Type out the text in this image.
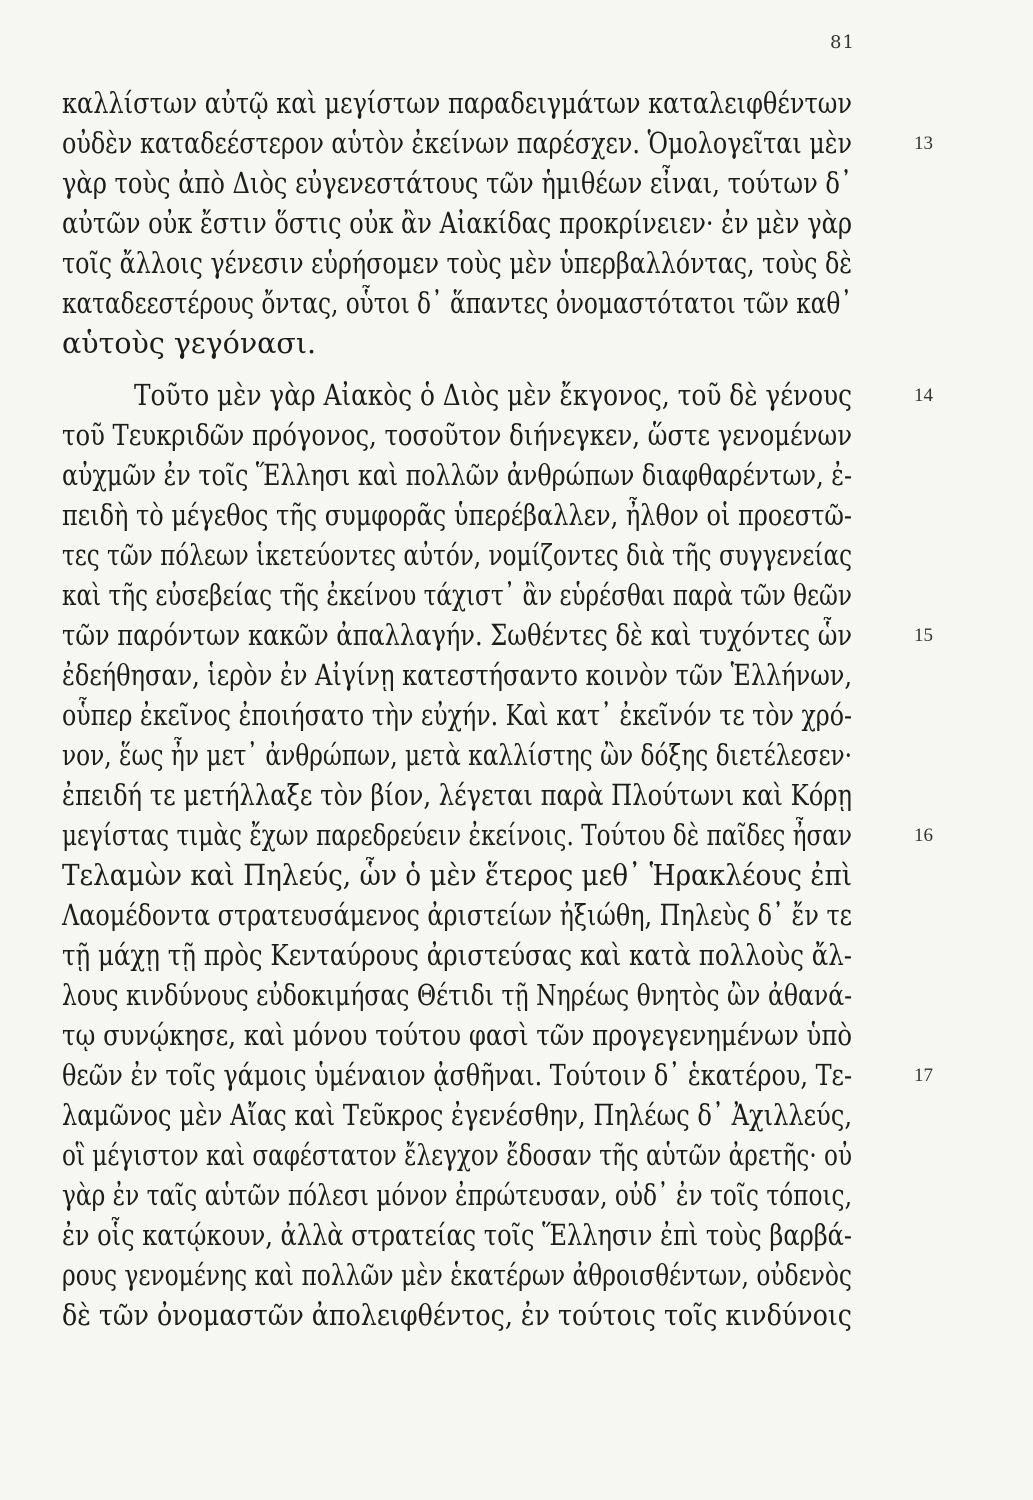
81
καλλίστων αὐτῷ καὶ μεγίστων παραδειγμάτων καταλειφθέντων
οὐδὲν καταδεέστερον αὑτὸν ἐκείνων παρέσχεν. Ὁμολογεῖται μὲν	13
γὰρ τοὺς ἀπὸ Διὸς εὐγενεστάτους τῶν ἡμιθέων εἶναι, τούτων δ᾽
αὐτῶν οὐκ ἔστιν ὅστις οὐκ ἂν Αἰακίδας προκρίνειεν· ἐν μὲν γὰρ
τοῖς ἄλλοις γένεσιν εὑρήσομεν τοὺς μὲν ὑπερβαλλόντας, τοὺς δὲ
καταδεεστέρους ὄντας, οὗτοι δ᾽ ἅπαντες ὀνομαστότατοι τῶν καθ᾽
αὑτοὺς γεγόνασι.
Τοῦτο μὲν γὰρ Αἰακὸς ὁ Διὸς μὲν ἔκγονος, τοῦ δὲ γένους	14
τοῦ Τευκριδῶν πρόγονος, τοσοῦτον διήνεγκεν, ὥστε γενομένων
αὐχμῶν ἐν τοῖς Ἕλλησι καὶ πολλῶν ἀνθρώπων διαφθαρέντων, ἐ-
πειδὴ τὸ μέγεθος τῆς συμφορᾶς ὑπερέβαλλεν, ἦλθον οἱ προεστῶ-
τες τῶν πόλεων ἱκετεύοντες αὐτόν, νομίζοντες διὰ τῆς συγγενείας
καὶ τῆς εὐσεβείας τῆς ἐκείνου τάχιστ᾽ ἂν εὑρέσθαι παρὰ τῶν θεῶν
τῶν παρόντων κακῶν ἀπαλλαγήν. Σωθέντες δὲ καὶ τυχόντες ὧν	15
ἐδεήθησαν, ἱερὸν ἐν Αἰγίνῃ κατεστήσαντο κοινὸν τῶν Ἑλλήνων,
οὗπερ ἐκεῖνος ἐποιήσατο τὴν εὐχήν. Καὶ κατ᾽ ἐκεῖνόν τε τὸν χρό-
νον, ἕως ἦν μετ᾽ ἀνθρώπων, μετὰ καλλίστης ὢν δόξης διετέλεσεν·
ἐπειδή τε μετήλλαξε τὸν βίον, λέγεται παρὰ Πλούτωνι καὶ Κόρῃ
μεγίστας τιμὰς ἔχων παρεδρεύειν ἐκείνοις. Τούτου δὲ παῖδες ἦσαν	16
Τελαμὼν καὶ Πηλεύς, ὧν ὁ μὲν ἕτερος μεθ᾽ Ἡρακλέους ἐπὶ
Λαομέδοντα στρατευσάμενος ἀριστείων ἠξιώθη, Πηλεὺς δ᾽ ἔν τε
τῇ μάχῃ τῇ πρὸς Κενταύρους ἀριστεύσας καὶ κατὰ πολλοὺς ἄλ-
λους κινδύνους εὐδοκιμήσας Θέτιδι τῇ Νηρέως θνητὸς ὢν ἀθανά-
τῳ συνῴκησε, καὶ μόνου τούτου φασὶ τῶν προγεγενημένων ὑπὸ
θεῶν ἐν τοῖς γάμοις ὑμέναιον ᾀσθῆναι. Τούτοιν δ᾽ ἑκατέρου, Τε-	17
λαμῶνος μὲν Αἴας καὶ Τεῦκρος ἐγενέσθην, Πηλέως δ᾽ Ἀχιλλεύς,
οἳ μέγιστον καὶ σαφέστατον ἔλεγχον ἔδοσαν τῆς αὑτῶν ἀρετῆς· οὐ
γὰρ ἐν ταῖς αὑτῶν πόλεσι μόνον ἐπρώτευσαν, οὐδ᾽ ἐν τοῖς τόποις,
ἐν οἷς κατῴκουν, ἀλλὰ στρατείας τοῖς Ἕλλησιν ἐπὶ τοὺς βαρβά-
ρους γενομένης καὶ πολλῶν μὲν ἑκατέρων ἀθροισθέντων, οὐδενὸς
δὲ τῶν ὀνομαστῶν ἀπολειφθέντος, ἐν τούτοις τοῖς κινδύνοις
